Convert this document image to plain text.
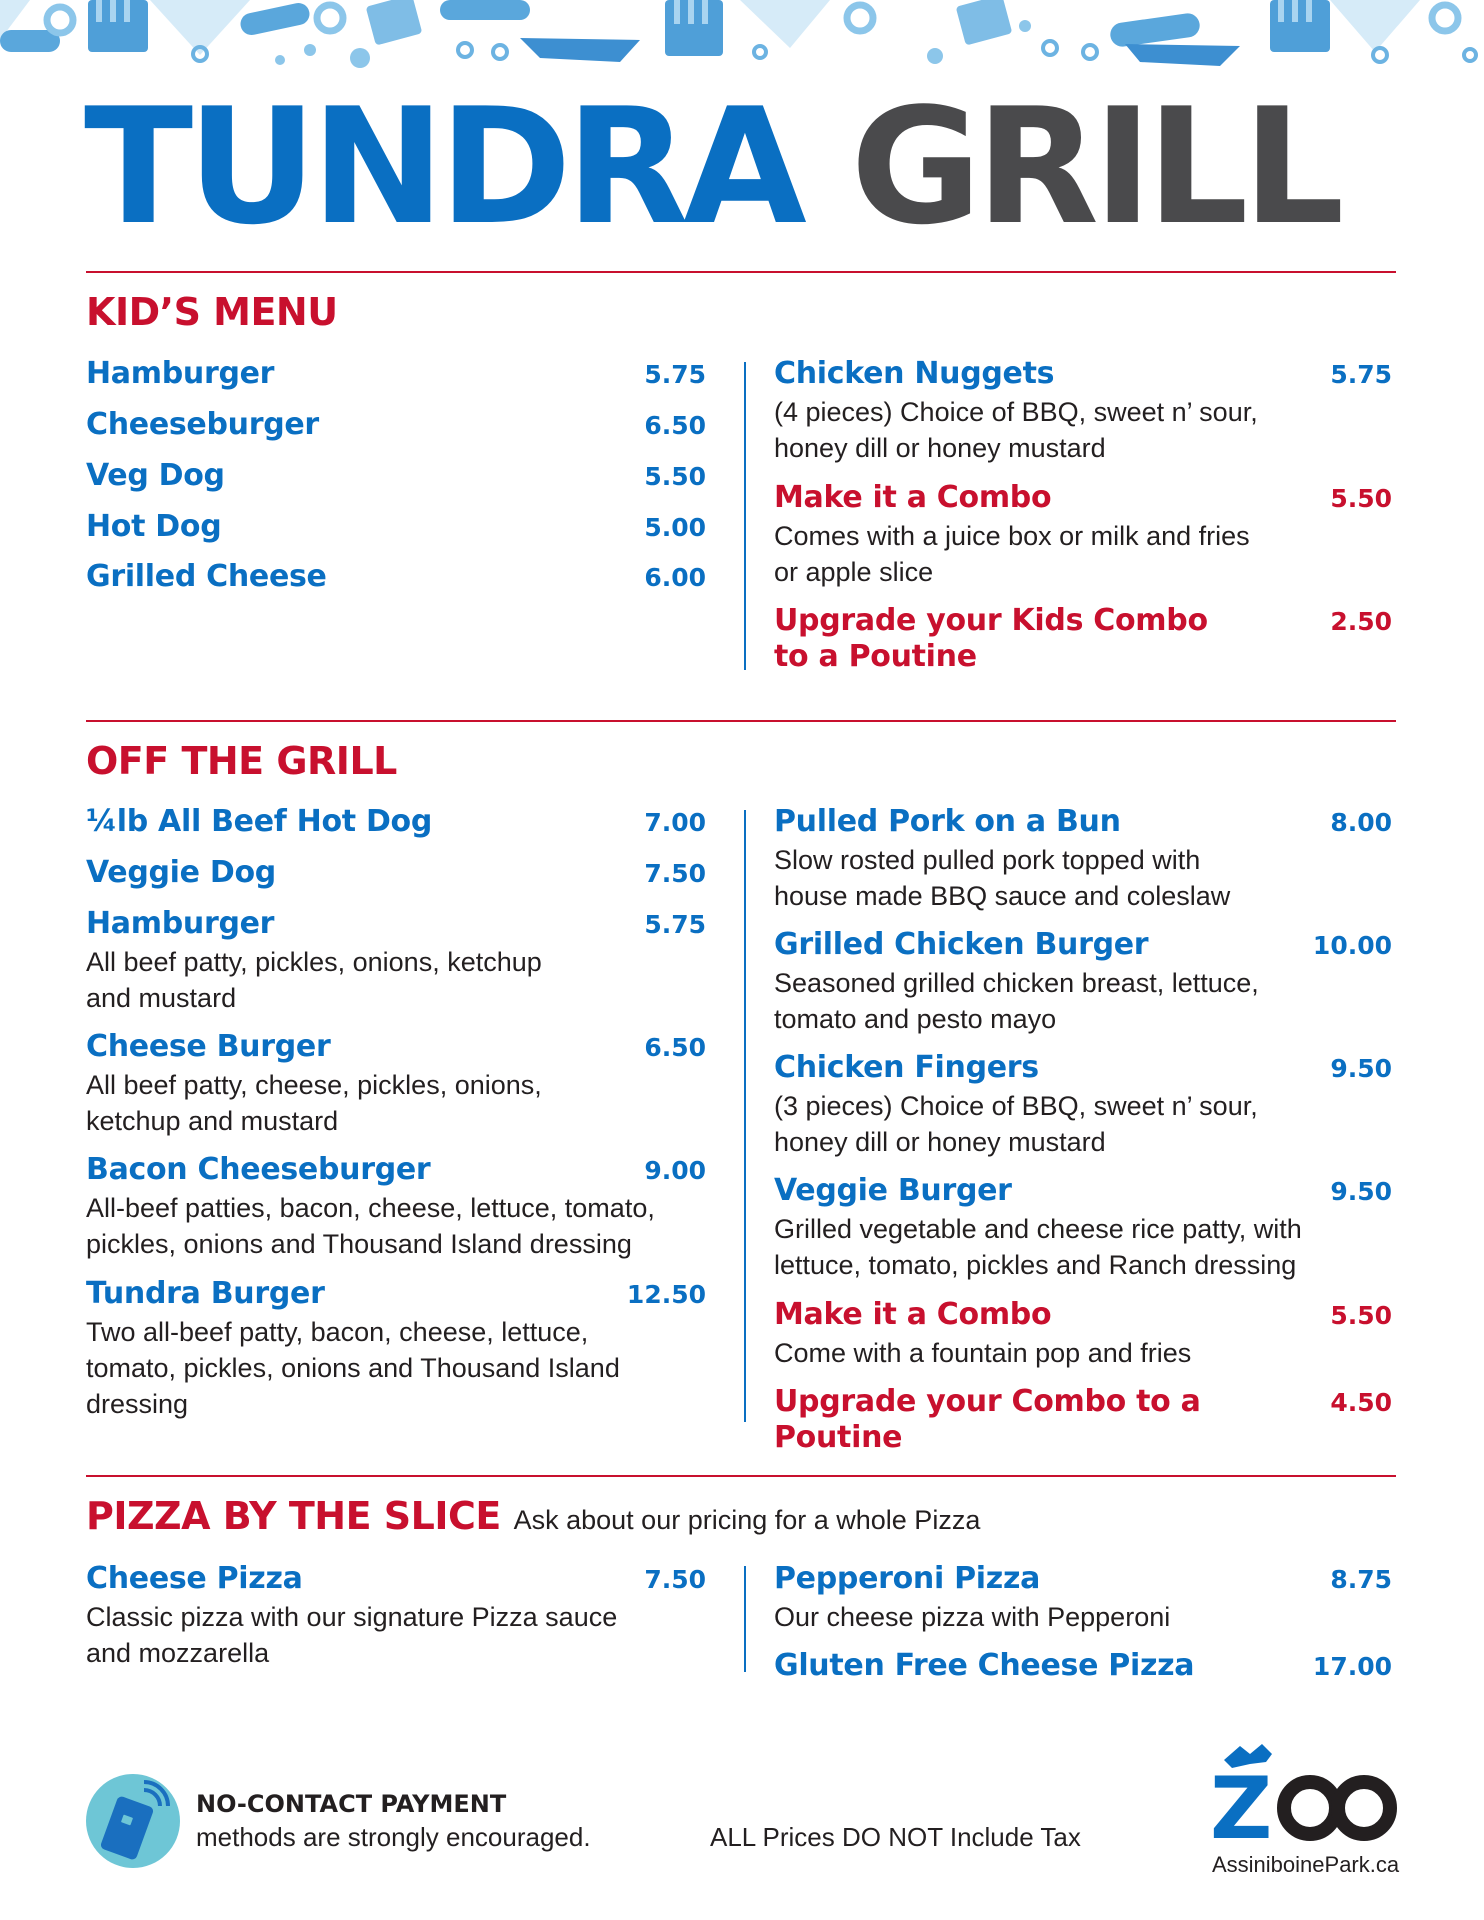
TUNDRA GRILL
KID’S MENU
Hamburger	5.75
Cheeseburger	6.50
Veg Dog	5.50
Hot Dog	5.00
Grilled Cheese	6.00
Chicken Nuggets	5.75
(4 pieces) Choice of BBQ, sweet n’ sour, honey dill or honey mustard
Make it a Combo	5.50
Comes with a juice box or milk and fries or apple slice
Upgrade your Kids Combo to a Poutine
2.50
OFF THE GRILL
¼lb All Beef Hot Dog	7.00
Veggie Dog	7.50
Hamburger	5.75
All beef patty, pickles, onions, ketchup and mustard
Cheese Burger	6.50
All beef patty, cheese, pickles, onions, ketchup and mustard
Bacon Cheeseburger	9.00
All-beef patties, bacon, cheese, lettuce, tomato, pickles, onions and Thousand Island dressing
Tundra Burger	12.50
Two all-beef patty, bacon, cheese, lettuce, tomato, pickles, onions and Thousand Island dressing
Pulled Pork on a Bun	8.00
Slow rosted pulled pork topped with house made BBQ sauce and coleslaw
Grilled Chicken Burger	10.00
Seasoned grilled chicken breast, lettuce, tomato and pesto mayo
Chicken Fingers	9.50
(3 pieces) Choice of BBQ, sweet n’ sour, honey dill or honey mustard
Veggie Burger	9.50
Grilled vegetable and cheese rice patty, with lettuce, tomato, pickles and Ranch dressing
Make it a Combo	5.50
Come with a fountain pop and fries
Upgrade your Combo to a Poutine
4.50
PIZZA BY THE SLICE Ask about our pricing for a whole Pizza
Cheese Pizza	7.50
Classic pizza with our signature Pizza sauce and mozzarella
Pepperoni Pizza	8.75
Our cheese pizza with Pepperoni
Gluten Free Cheese Pizza	17.00
NO-CONTACT PAYMENT
methods are strongly encouraged.	ALL Prices DO NOT Include Tax Z
AssiniboinePark.ca
